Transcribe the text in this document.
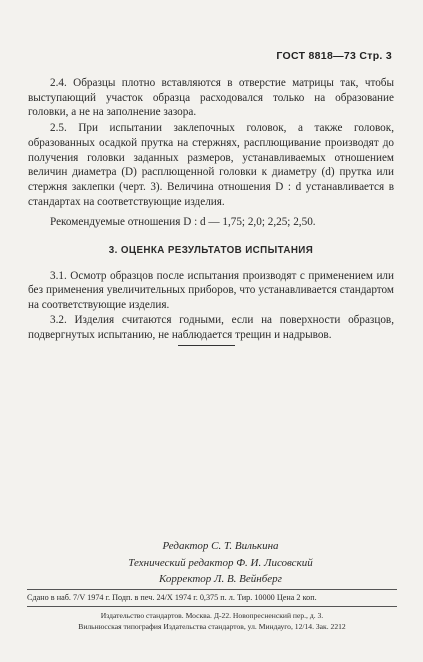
ГОСТ 8818—73 Стр. 3

2.4. Образцы плотно вставляются в отверстие матрицы так, чтобы выступающий участок образца расходовался только на образование головки, а не на заполнение зазора.

2.5. При испытании заклепочных головок, а также головок, образованных осадкой прутка на стержнях, расплющивание производят до получения головки заданных размеров, устанавливаемых отношением величин диаметра (D) расплющенной головки к диаметру (d) прутка или стержня заклепки (черт. 3). Величина отношения D : d устанавливается в стандартах на соответствующие изделия.

Рекомендуемые отношения D : d — 1,75; 2,0; 2,25; 2,50.

3. ОЦЕНКА РЕЗУЛЬТАТОВ ИСПЫТАНИЯ

3.1. Осмотр образцов после испытания производят с применением или без применения увеличительных приборов, что устанавливается стандартом на соответствующие изделия.

3.2. Изделия считаются годными, если на поверхности образцов, подвергнутых испытанию, не наблюдается трещин и надрывов.

Редактор С. Т. Вилькина
Технический редактор Ф. И. Лисовский
Корректор Л. В. Вейнберг
Сдано в наб. 7/V 1974 г. Подп. в печ. 24/X 1974 г. 0,375 п. л. Тир. 10000 Цена 2 коп.
Издательство стандартов. Москва. Д-22. Новопресненский пер., д. 3.
Вильнюсская типография Издательства стандартов, ул. Миндауго, 12/14. Зак. 2212
